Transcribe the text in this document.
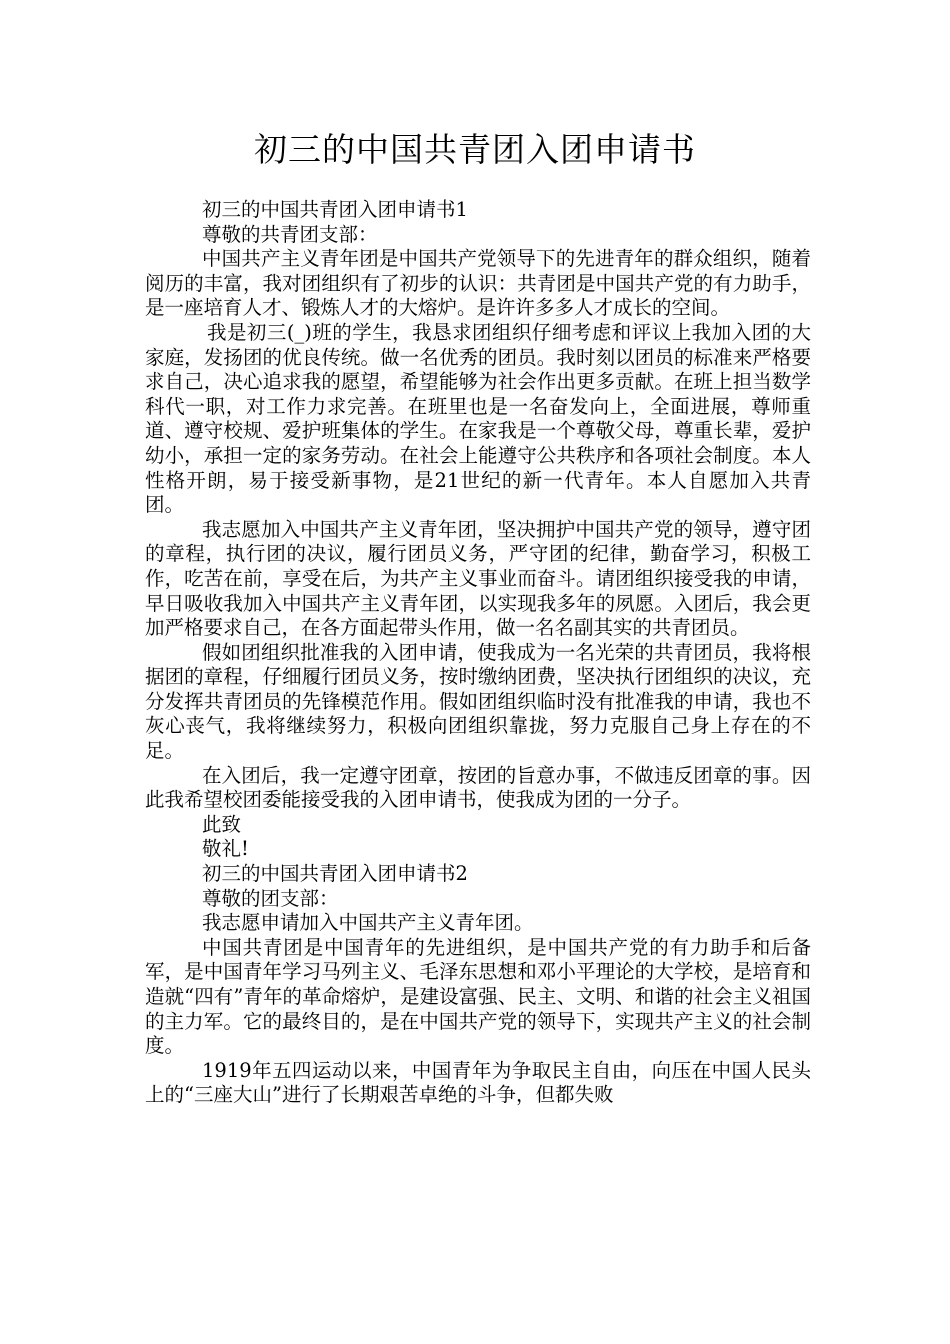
初三的中国共青团入团申请书

初三的中国共青团入团申请书1

尊敬的共青团支部：

中国共产主义青年团是中国共产党领导下的先进青年的群众组织，随着阅历的丰富，我对团组织有了初步的认识：共青团是中国共产党的有力助手，是一座培育人才、锻炼人才的大熔炉。是许许多多人才成长的空间。

我是初三(_)班的学生，我恳求团组织仔细考虑和评议上我加入团的大家庭，发扬团的优良传统。做一名优秀的团员。我时刻以团员的标准来严格要求自己，决心追求我的愿望，希望能够为社会作出更多贡献。在班上担当数学科代一职，对工作力求完善。在班里也是一名奋发向上，全面进展，尊师重道、遵守校规、爱护班集体的学生。在家我是一个尊敬父母，尊重长辈，爱护幼小，承担一定的家务劳动。在社会上能遵守公共秩序和各项社会制度。本人性格开朗，易于接受新事物，是21世纪的新一代青年。本人自愿加入共青团。

我志愿加入中国共产主义青年团，坚决拥护中国共产党的领导，遵守团的章程，执行团的决议，履行团员义务，严守团的纪律，勤奋学习，积极工作，吃苦在前，享受在后，为共产主义事业而奋斗。请团组织接受我的申请，早日吸收我加入中国共产主义青年团，以实现我多年的夙愿。入团后，我会更加严格要求自己，在各方面起带头作用，做一名名副其实的共青团员。

假如团组织批准我的入团申请，使我成为一名光荣的共青团员，我将根据团的章程，仔细履行团员义务，按时缴纳团费，坚决执行团组织的决议，充分发挥共青团员的先锋模范作用。假如团组织临时没有批准我的申请，我也不灰心丧气，我将继续努力，积极向团组织靠拢，努力克服自己身上存在的不足。

在入团后，我一定遵守团章，按团的旨意办事，不做违反团章的事。因此我希望校团委能接受我的入团申请书，使我成为团的一分子。

此致

敬礼!

初三的中国共青团入团申请书2

尊敬的团支部：

我志愿申请加入中国共产主义青年团。

中国共青团是中国青年的先进组织，是中国共产党的有力助手和后备军，是中国青年学习马列主义、毛泽东思想和邓小平理论的大学校，是培育和造就“四有”青年的革命熔炉，是建设富强、民主、文明、和谐的社会主义祖国的主力军。它的最终目的，是在中国共产党的领导下，实现共产主义的社会制度。

1919年五四运动以来，中国青年为争取民主自由，向压在中国人民头上的“三座大山”进行了长期艰苦卓绝的斗争，但都失败
